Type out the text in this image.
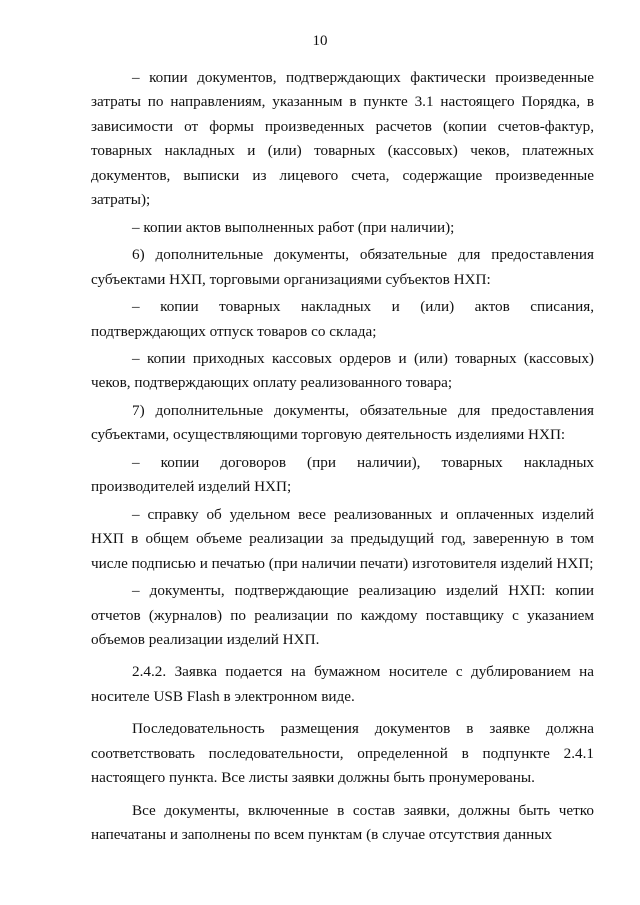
10

– копии документов, подтверждающих фактически произведенные затраты по направлениям, указанным в пункте 3.1 настоящего Порядка, в зависимости от формы произведенных расчетов (копии счетов-фактур, товарных накладных и (или) товарных (кассовых) чеков, платежных документов, выписки из лицевого счета, содержащие произведенные затраты);

– копии актов выполненных работ (при наличии);

6) дополнительные документы, обязательные для предоставления субъектами НХП, торговыми организациями субъектов НХП:

– копии товарных накладных и (или) актов списания, подтверждающих отпуск товаров со склада;

– копии приходных кассовых ордеров и (или) товарных (кассовых) чеков, подтверждающих оплату реализованного товара;

7) дополнительные документы, обязательные для предоставления субъектами, осуществляющими торговую деятельность изделиями НХП:

– копии договоров (при наличии), товарных накладных производителей изделий НХП;

– справку об удельном весе реализованных и оплаченных изделий НХП в общем объеме реализации за предыдущий год, заверенную в том числе подписью и печатью (при наличии печати) изготовителя изделий НХП;

– документы, подтверждающие реализацию изделий НХП: копии отчетов (журналов) по реализации по каждому поставщику с указанием объемов реализации изделий НХП.

2.4.2. Заявка подается на бумажном носителе с дублированием на носителе USB Flash в электронном виде.

Последовательность размещения документов в заявке должна соответствовать последовательности, определенной в подпункте 2.4.1 настоящего пункта. Все листы заявки должны быть пронумерованы.

Все документы, включенные в состав заявки, должны быть четко напечатаны и заполнены по всем пунктам (в случае отсутствия данных
